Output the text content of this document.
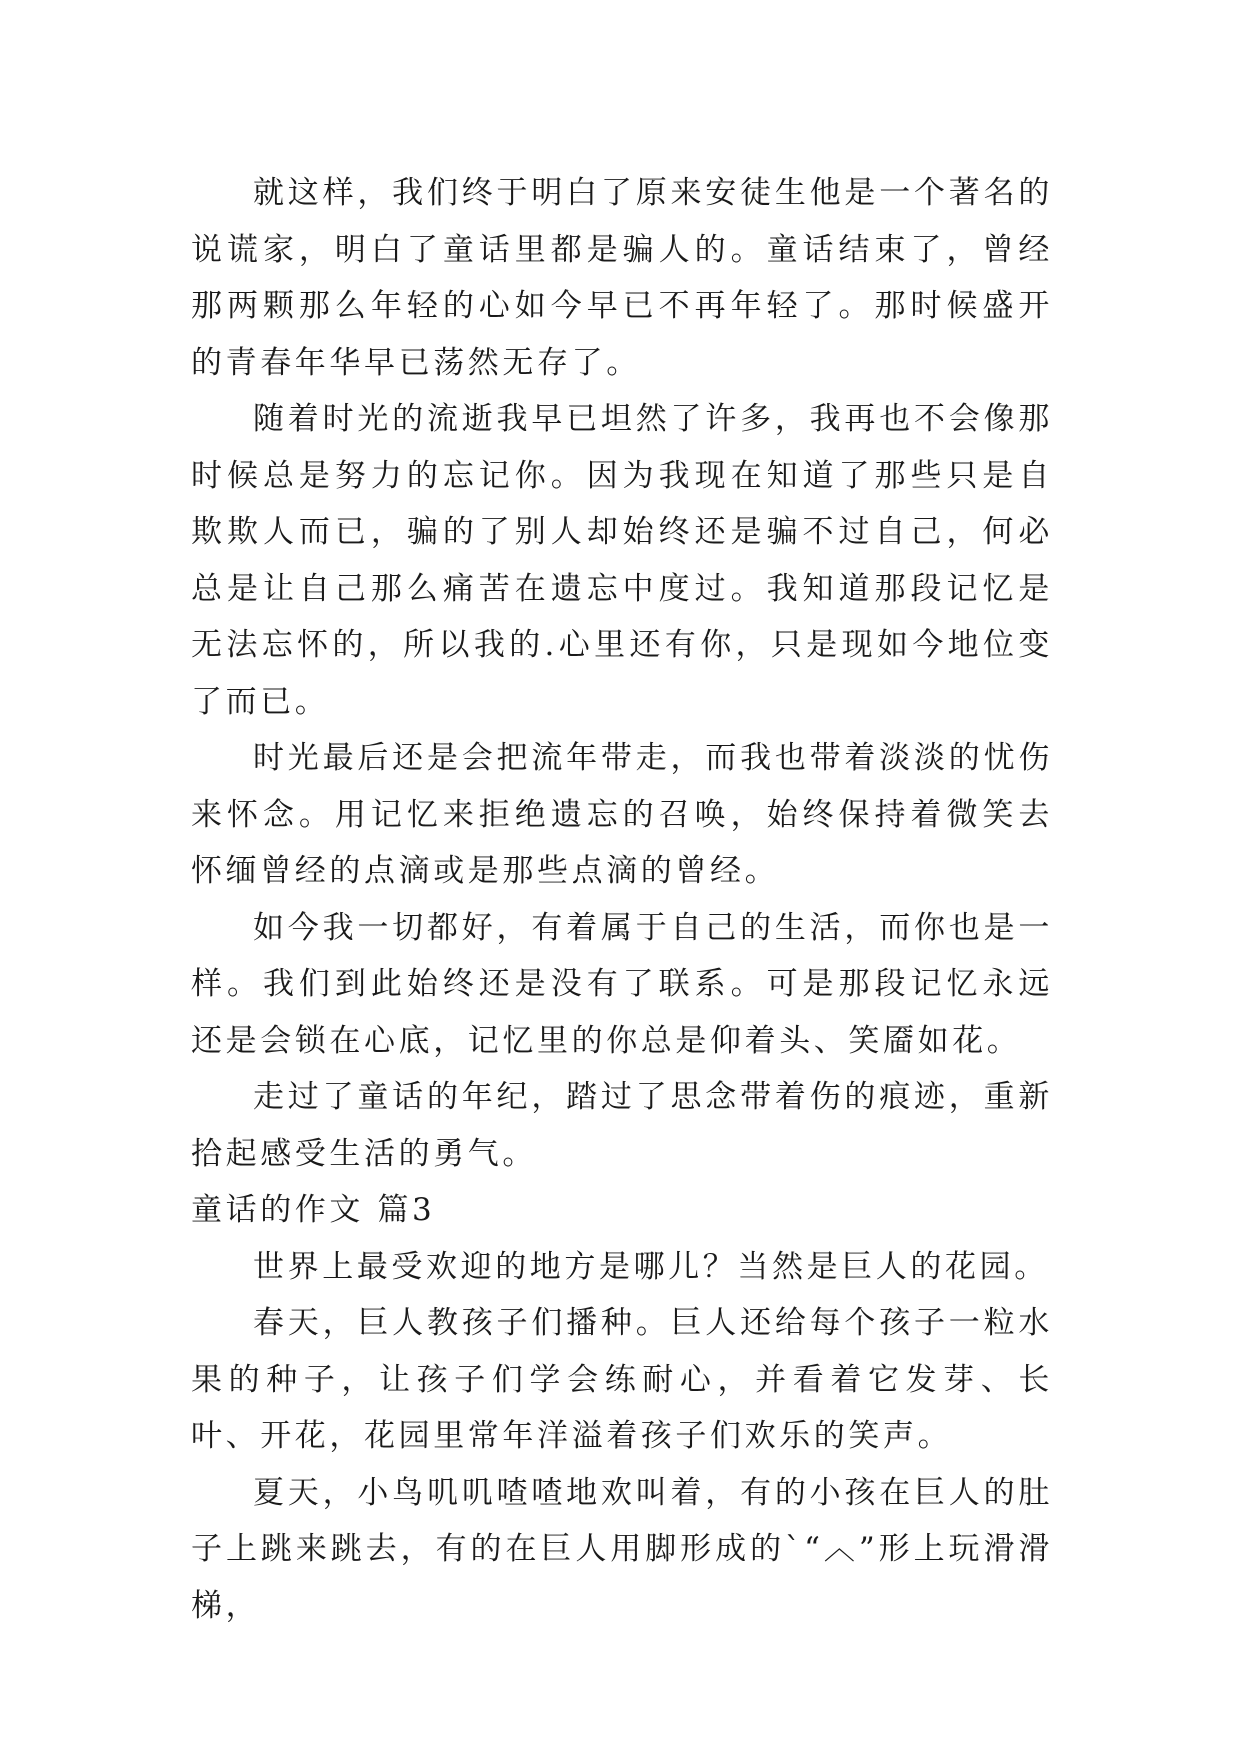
就这样，我们终于明白了原来安徒生他是一个著名的说谎家，明白了童话里都是骗人的。童话结束了，曾经那两颗那么年轻的心如今早已不再年轻了。那时候盛开的青春年华早已荡然无存了。

随着时光的流逝我早已坦然了许多，我再也不会像那时候总是努力的忘记你。因为我现在知道了那些只是自欺欺人而已，骗的了别人却始终还是骗不过自己，何必总是让自己那么痛苦在遗忘中度过。我知道那段记忆是无法忘怀的，所以我的.心里还有你，只是现如今地位变了而已。

时光最后还是会把流年带走，而我也带着淡淡的忧伤来怀念。用记忆来拒绝遗忘的召唤，始终保持着微笑去怀缅曾经的点滴或是那些点滴的曾经。

如今我一切都好，有着属于自己的生活，而你也是一样。我们到此始终还是没有了联系。可是那段记忆永远还是会锁在心底，记忆里的你总是仰着头、笑靥如花。

走过了童话的年纪，踏过了思念带着伤的痕迹，重新拾起感受生活的勇气。

童话的作文 篇3

世界上最受欢迎的地方是哪儿？当然是巨人的花园。

春天，巨人教孩子们播种。巨人还给每个孩子一粒水果的种子，让孩子们学会练耐心，并看着它发芽、长叶、开花，花园里常年洋溢着孩子们欢乐的笑声。

夏天，小鸟叽叽喳喳地欢叫着，有的小孩在巨人的肚子上跳来跳去，有的在巨人用脚形成的`“︿”形上玩滑滑梯，
